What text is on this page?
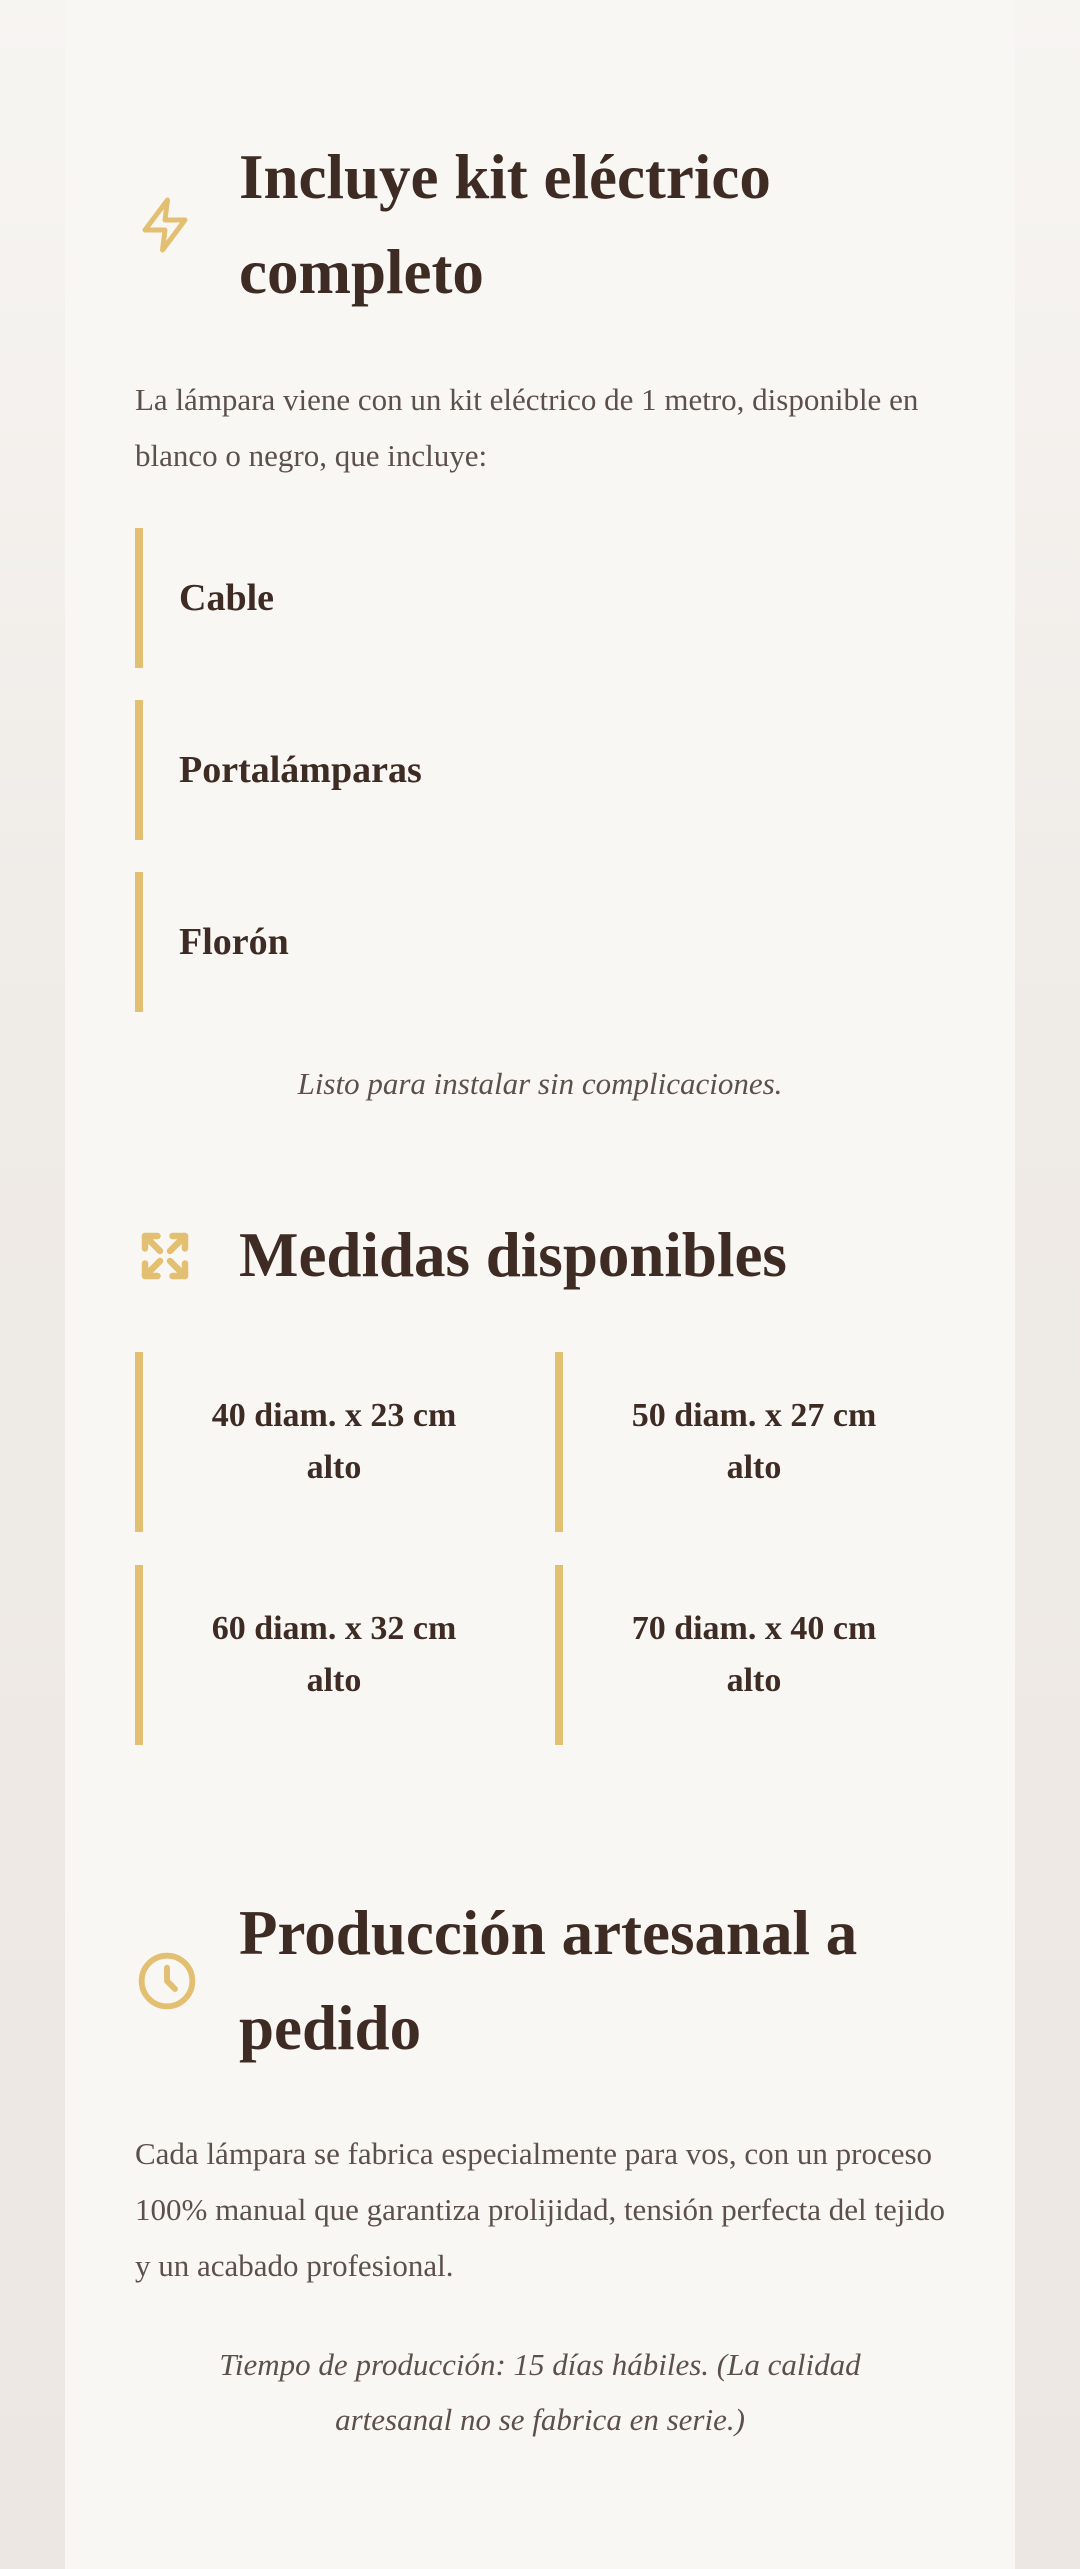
Incluye kit eléctrico completo

La lámpara viene con un kit eléctrico de 1 metro, disponible en blanco o negro, que incluye:

Cable
Portalámparas
Florón

Listo para instalar sin complicaciones.

Medidas disponibles
40 diam. x 23 cm alto
50 diam. x 27 cm alto
60 diam. x 32 cm alto
70 diam. x 40 cm alto
Producción artesanal a pedido

Cada lámpara se fabrica especialmente para vos, con un proceso 100% manual que garantiza prolijidad, tensión perfecta del tejido y un acabado profesional.

Tiempo de producción: 15 días hábiles. (La calidad artesanal no se fabrica en serie.)
